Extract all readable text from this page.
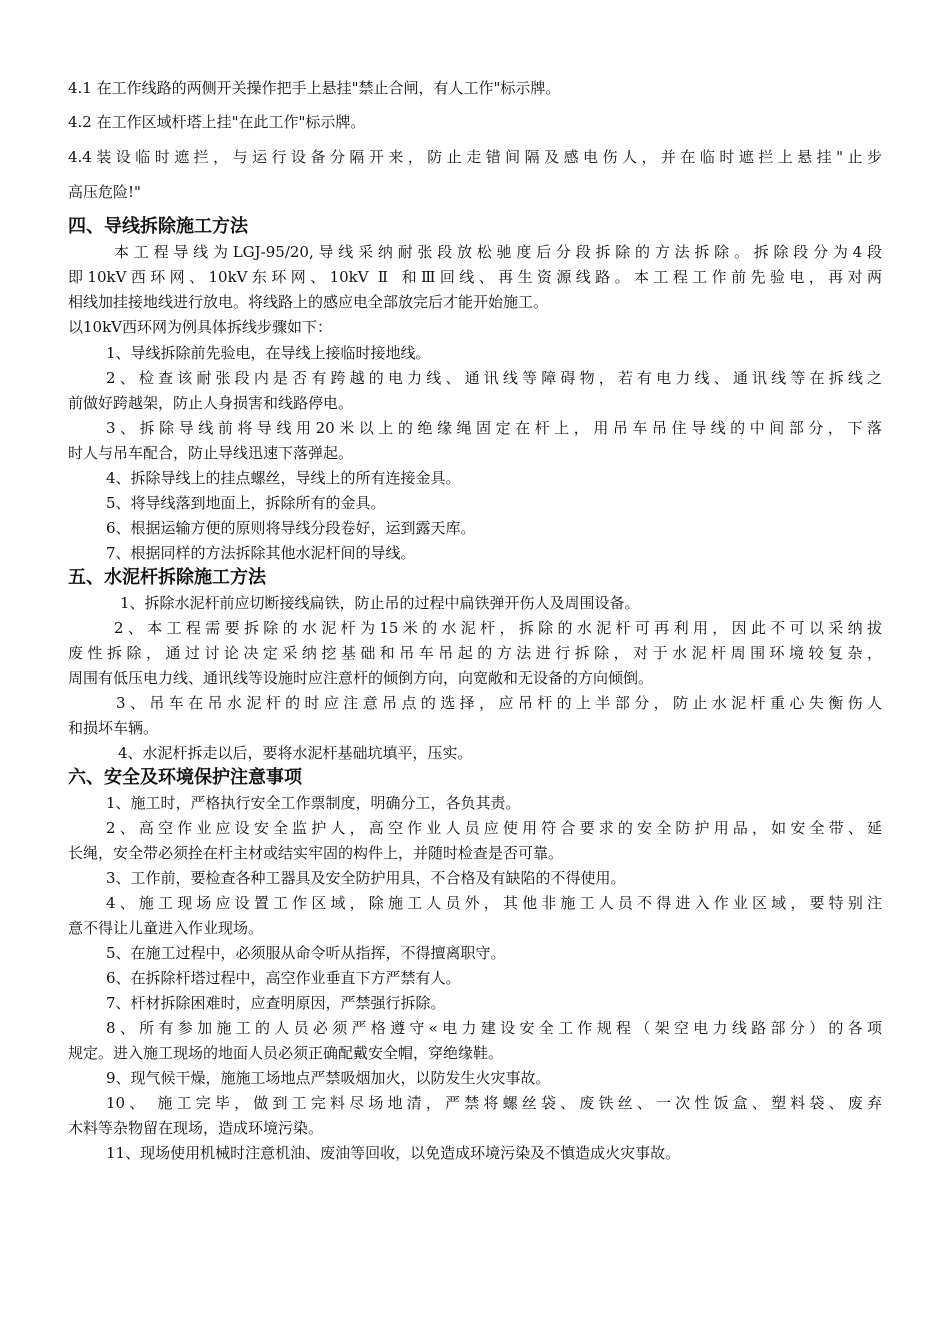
4.1 在工作线路的两侧开关操作把手上悬挂"禁止合闸，有人工作"标示牌。
4.2 在工作区域杆塔上挂"在此工作"标示牌。
4.4装设临时遮拦，与运行设备分隔开来，防止走错间隔及感电伤人，并在临时遮拦上悬挂"止步
高压危险!"
四、导线拆除施工方法
本工程导线为LGJ-95/20,导线采纳耐张段放松驰度后分段拆除的方法拆除。拆除段分为4段
即10kV西环网、10kV东环网、10kV Ⅱ 和Ⅲ回线、再生资源线路。本工程工作前先验电，再对两
相线加挂接地线进行放电。将线路上的感应电全部放完后才能开始施工。
以10kV西环网为例具体拆线步骤如下：
1、导线拆除前先验电，在导线上接临时接地线。
2、检查该耐张段内是否有跨越的电力线、通讯线等障碍物，若有电力线、通讯线等在拆线之
前做好跨越架，防止人身损害和线路停电。
3、拆除导线前将导线用20米以上的绝缘绳固定在杆上，用吊车吊住导线的中间部分，下落
时人与吊车配合，防止导线迅速下落弹起。
4、拆除导线上的挂点螺丝，导线上的所有连接金具。
5、将导线落到地面上，拆除所有的金具。
6、根据运输方便的原则将导线分段卷好，运到露天库。
7、根据同样的方法拆除其他水泥杆间的导线。
五、水泥杆拆除施工方法
1、拆除水泥杆前应切断接线扁铁，防止吊的过程中扁铁弹开伤人及周围设备。
2、本工程需要拆除的水泥杆为15米的水泥杆，拆除的水泥杆可再利用，因此不可以采纳拔
废性拆除，通过讨论决定采纳挖基础和吊车吊起的方法进行拆除，对于水泥杆周围环境较复杂，
周围有低压电力线、通讯线等设施时应注意杆的倾倒方向，向宽敞和无设备的方向倾倒。
3、吊车在吊水泥杆的时应注意吊点的选择，应吊杆的上半部分，防止水泥杆重心失衡伤人
和损坏车辆。
4、水泥杆拆走以后，要将水泥杆基础坑填平，压实。
六、安全及环境保护注意事项
1、施工时，严格执行安全工作票制度，明确分工，各负其责。
2、高空作业应设安全监护人，高空作业人员应使用符合要求的安全防护用品，如安全带、延
长绳，安全带必须拴在杆主材或结实牢固的构件上，并随时检查是否可靠。
3、工作前，要检查各种工器具及安全防护用具，不合格及有缺陷的不得使用。
4、施工现场应设置工作区域，除施工人员外，其他非施工人员不得进入作业区域，要特别注
意不得让儿童进入作业现场。
5、在施工过程中，必须服从命令听从指挥，不得擅离职守。
6、在拆除杆塔过程中，高空作业垂直下方严禁有人。
7、杆材拆除困难时，应查明原因，严禁强行拆除。
8、所有参加施工的人员必须严格遵守«电力建设安全工作规程（架空电力线路部分）的各项
规定。进入施工现场的地面人员必须正确配戴安全帽，穿绝缘鞋。
9、现气候干燥，施施工场地点严禁吸烟加火，以防发生火灾事故。
10、 施工完毕，做到工完料尽场地清，严禁将螺丝袋、废铁丝、一次性饭盒、塑料袋、废弃
木料等杂物留在现场，造成环境污染。
11、现场使用机械时注意机油、废油等回收，以免造成环境污染及不慎造成火灾事故。
